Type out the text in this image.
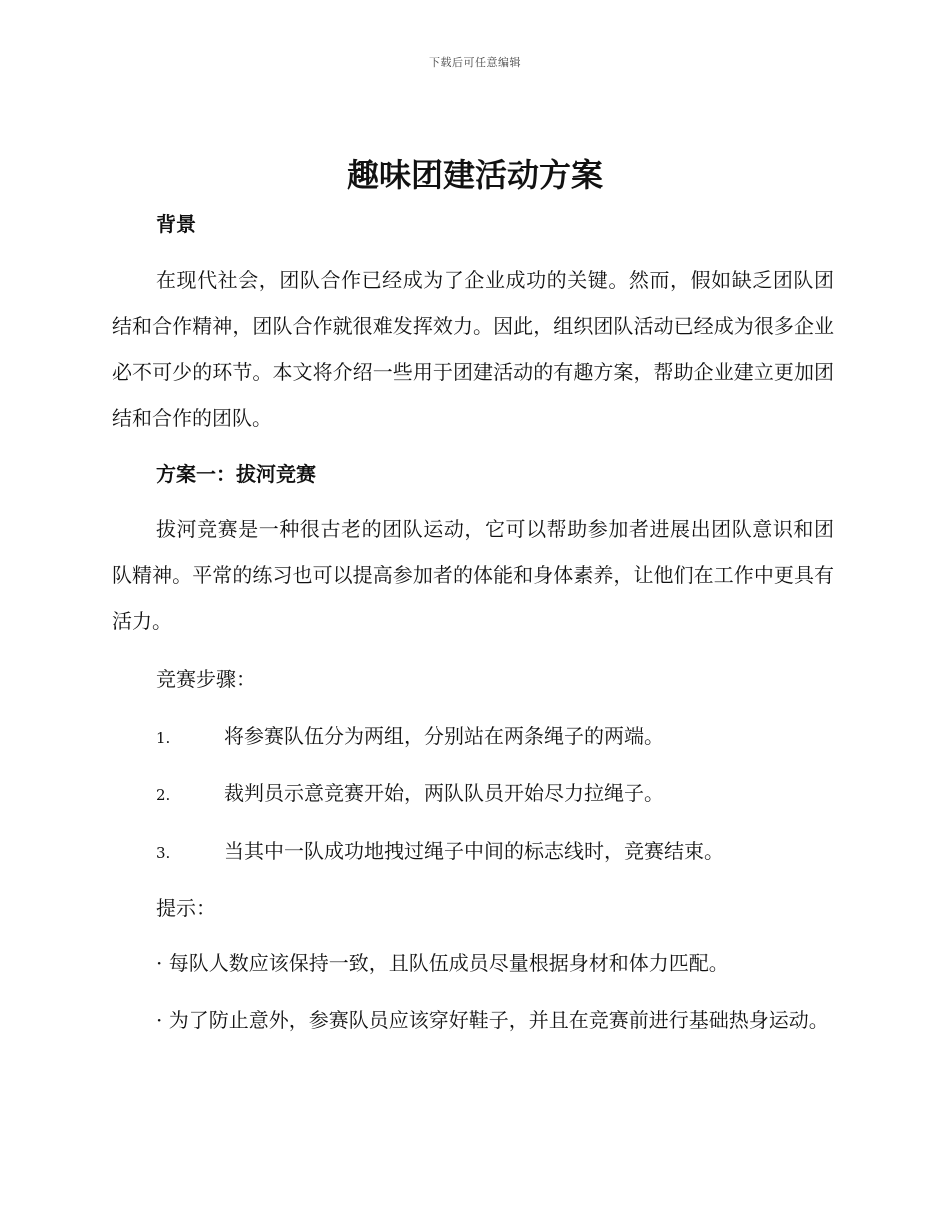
下载后可任意编辑
趣味团建活动方案
背景

在现代社会，团队合作已经成为了企业成功的关键。然而，假如缺乏团队团结和合作精神，团队合作就很难发挥效力。因此，组织团队活动已经成为很多企业必不可少的环节。本文将介绍一些用于团建活动的有趣方案，帮助企业建立更加团结和合作的团队。

方案一：拔河竞赛

拔河竞赛是一种很古老的团队运动，它可以帮助参加者进展出团队意识和团队精神。平常的练习也可以提高参加者的体能和身体素养，让他们在工作中更具有活力。

竞赛步骤：

1.	将参赛队伍分为两组，分别站在两条绳子的两端。

2.	裁判员示意竞赛开始，两队队员开始尽力拉绳子。

3.	当其中一队成功地拽过绳子中间的标志线时，竞赛结束。

提示：

· 每队人数应该保持一致，且队伍成员尽量根据身材和体力匹配。

· 为了防止意外，参赛队员应该穿好鞋子，并且在竞赛前进行基础热身运动。
